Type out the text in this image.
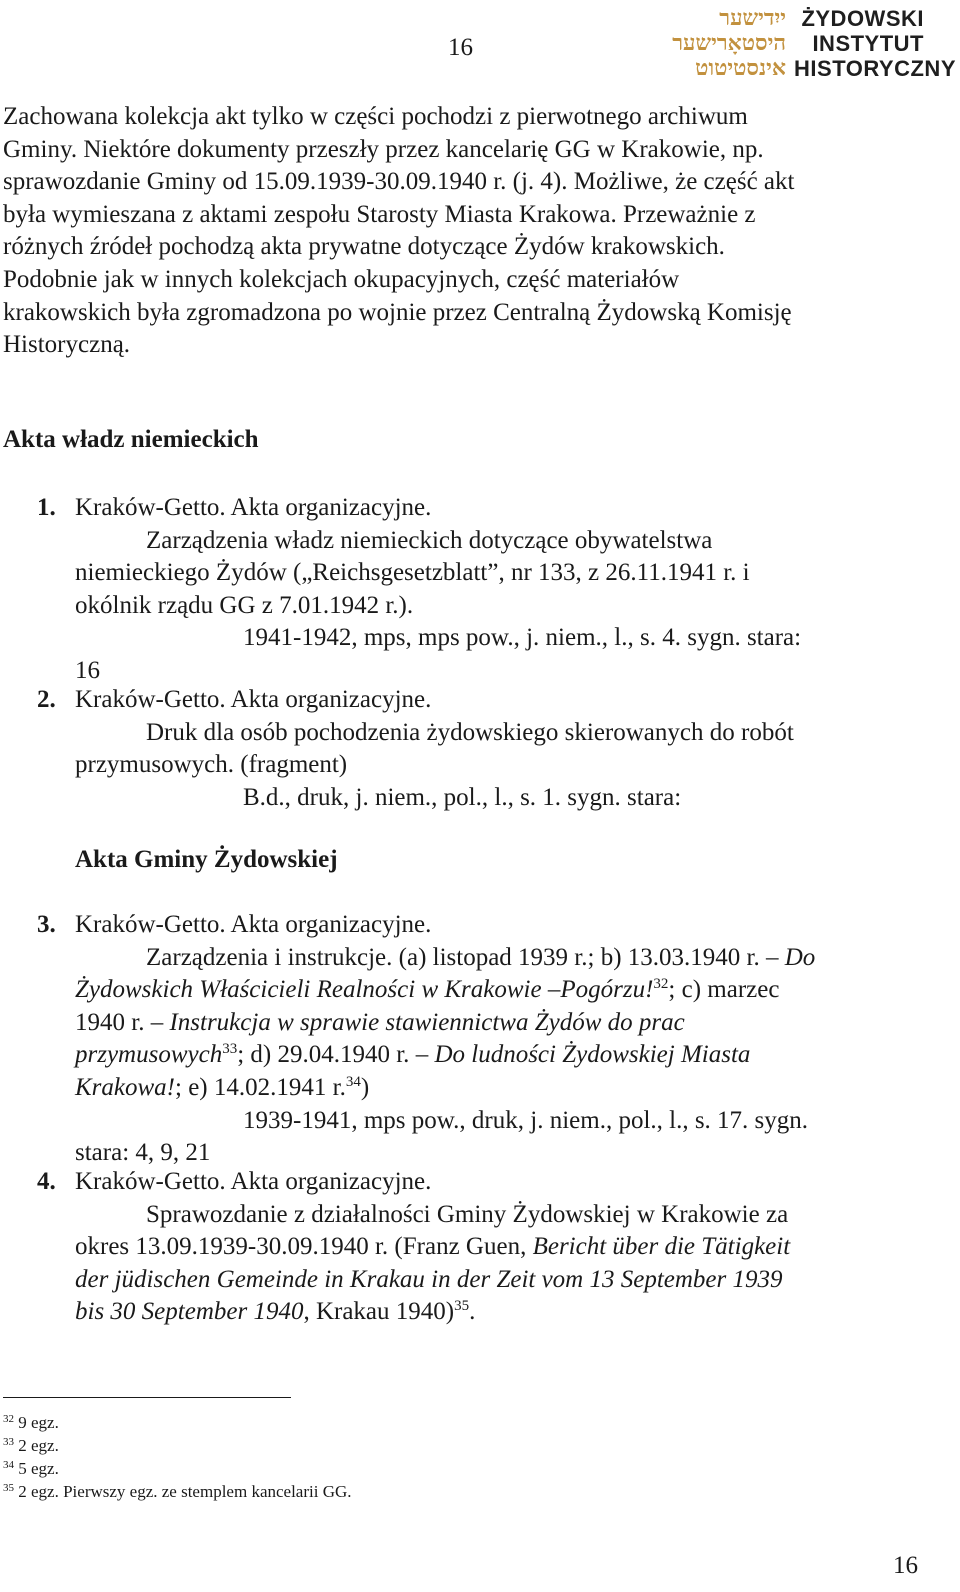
16
ייִדישער ŻYDOWSKI
היסטאָרישער INSTYTUT
אינסטיטוט HISTORYCZNY
Zachowana kolekcja akt tylko w części pochodzi z pierwotnego archiwum
Gminy. Niektóre dokumenty przeszły przez kancelarię GG w Krakowie, np.
sprawozdanie Gminy od 15.09.1939-30.09.1940 r. (j. 4). Możliwe, że część akt
była wymieszana z aktami zespołu Starosty Miasta Krakowa. Przeważnie z
różnych źródeł pochodzą akta prywatne dotyczące Żydów krakowskich.
Podobnie jak w innych kolekcjach okupacyjnych, część materiałów
krakowskich była zgromadzona po wojnie przez Centralną Żydowską Komisję
Historyczną.
Akta władz niemieckich
1. Kraków-Getto. Akta organizacyjne.
Zarządzenia władz niemieckich dotyczące obywatelstwa
niemieckiego Żydów („Reichsgesetzblatt”, nr 133, z 26.11.1941 r. i
okólnik rządu GG z 7.01.1942 r.).
1941-1942, mps, mps pow., j. niem., l., s. 4. sygn. stara:
16
2. Kraków-Getto. Akta organizacyjne.
Druk dla osób pochodzenia żydowskiego skierowanych do robót
przymusowych. (fragment)
B.d., druk, j. niem., pol., l., s. 1. sygn. stara:
Akta Gminy Żydowskiej
3. Kraków-Getto. Akta organizacyjne.
Zarządzenia i instrukcje. (a) listopad 1939 r.; b) 13.03.1940 r. – Do
Żydowskich Właścicieli Realności w Krakowie –Pogórzu!$^{32}$; c) marzec
1940 r. – Instrukcja w sprawie stawiennictwa Żydów do prac
przymusowych$^{33}$; d) 29.04.1940 r. – Do ludności Żydowskiej Miasta
Krakowa!; e) 14.02.1941 r.$^{34}$)
1939-1941, mps pow., druk, j. niem., pol., l., s. 17. sygn.
stara: 4, 9, 21
4. Kraków-Getto. Akta organizacyjne.
Sprawozdanie z działalności Gminy Żydowskiej w Krakowie za
okres 13.09.1939-30.09.1940 r. (Franz Guen, Bericht über die Tätigkeit
der jüdischen Gemeinde in Krakau in der Zeit vom 13 September 1939
bis 30 September 1940, Krakau 1940)$^{35}$.
$^{32}$ 9 egz.
$^{33}$ 2 egz.
$^{34}$ 5 egz.
$^{35}$ 2 egz. Pierwszy egz. ze stemplem kancelarii GG.
16
